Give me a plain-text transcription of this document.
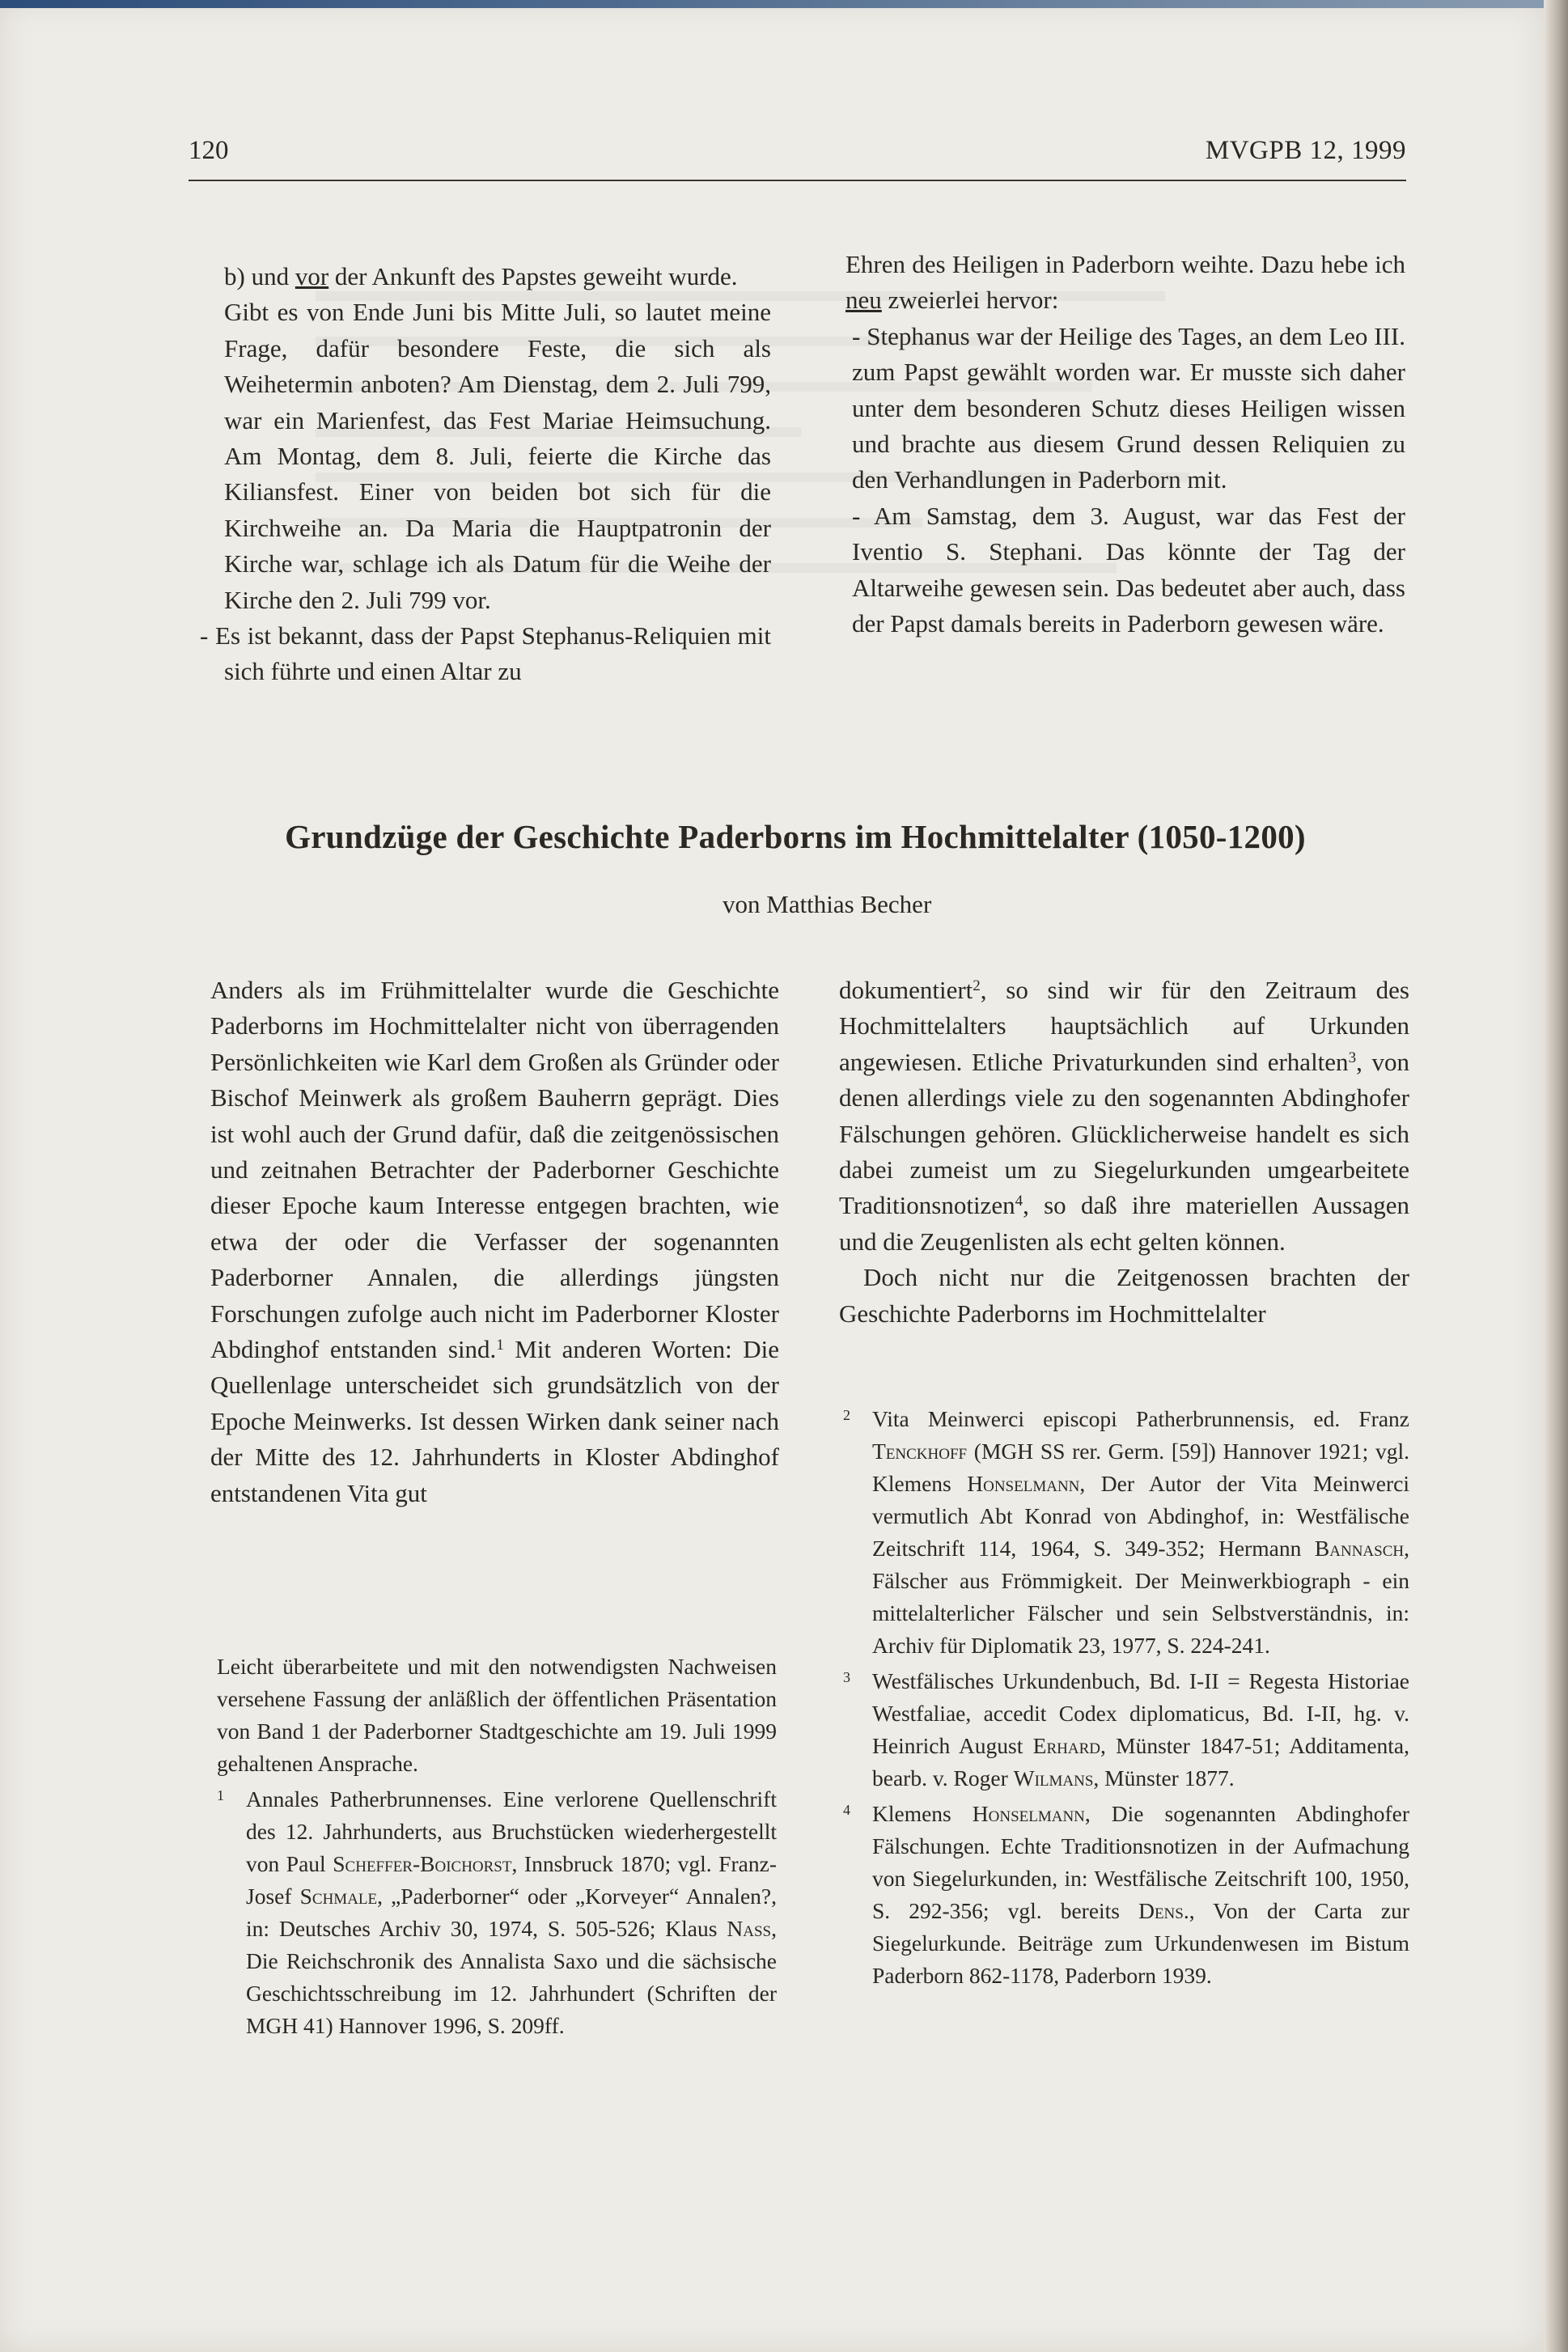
120	MVGPB 12, 1999

b) und vor der Ankunft des Papstes geweiht wurde.

Gibt es von Ende Juni bis Mitte Juli, so lautet meine Frage, dafür besondere Feste, die sich als Weihetermin anboten? Am Dienstag, dem 2. Juli 799, war ein Marienfest, das Fest Mariae Heimsuchung. Am Montag, dem 8. Juli, feierte die Kirche das Kiliansfest. Einer von beiden bot sich für die Kirchweihe an. Da Maria die Hauptpatronin der Kirche war, schlage ich als Datum für die Weihe der Kirche den 2. Juli 799 vor.

- Es ist bekannt, dass der Papst Stephanus-Reliquien mit sich führte und einen Altar zu

Ehren des Heiligen in Paderborn weihte. Dazu hebe ich neu zweierlei hervor:

- Stephanus war der Heilige des Tages, an dem Leo III. zum Papst gewählt worden war. Er musste sich daher unter dem besonderen Schutz dieses Heiligen wissen und brachte aus diesem Grund dessen Reliquien zu den Verhandlungen in Paderborn mit.

- Am Samstag, dem 3. August, war das Fest der Iventio S. Stephani. Das könnte der Tag der Altarweihe gewesen sein. Das bedeutet aber auch, dass der Papst damals bereits in Paderborn gewesen wäre.

Grundzüge der Geschichte Paderborns im Hochmittelalter (1050-1200)
von Matthias Becher

Anders als im Frühmittelalter wurde die Geschichte Paderborns im Hochmittelalter nicht von überragenden Persönlichkeiten wie Karl dem Großen als Gründer oder Bischof Meinwerk als großem Bauherrn geprägt. Dies ist wohl auch der Grund dafür, daß die zeitgenössischen und zeitnahen Betrachter der Paderborner Geschichte dieser Epoche kaum Interesse entgegen brachten, wie etwa der oder die Verfasser der sogenannten Paderborner Annalen, die allerdings jüngsten Forschungen zufolge auch nicht im Paderborner Kloster Abdinghof entstanden sind.$^1$ Mit anderen Worten: Die Quellenlage unterscheidet sich grundsätzlich von der Epoche Meinwerks. Ist dessen Wirken dank seiner nach der Mitte des 12. Jahrhunderts in Kloster Abdinghof entstandenen Vita gut

dokumentiert$^2$, so sind wir für den Zeitraum des Hochmittelalters hauptsächlich auf Urkunden angewiesen. Etliche Privaturkunden sind erhalten$^3$, von denen allerdings viele zu den sogenannten Abdinghofer Fälschungen gehören. Glücklicherweise handelt es sich dabei zumeist um zu Siegelurkunden umgearbeitete Traditionsnotizen$^4$, so daß ihre materiellen Aussagen und die Zeugenlisten als echt gelten können.

Doch nicht nur die Zeitgenossen brachten der Geschichte Paderborns im Hochmittelalter

Leicht überarbeitete und mit den notwendigsten Nachweisen versehene Fassung der anläßlich der öffentlichen Präsentation von Band 1 der Paderborner Stadtgeschichte am 19. Juli 1999 gehaltenen Ansprache.

1 Annales Patherbrunnenses. Eine verlorene Quellenschrift des 12. Jahrhunderts, aus Bruchstücken wiederhergestellt von Paul Scheffer-Boichorst, Innsbruck 1870; vgl. Franz-Josef Schmale, „Paderborner“ oder „Korveyer“ Annalen?, in: Deutsches Archiv 30, 1974, S. 505-526; Klaus Nass, Die Reichschronik des Annalista Saxo und die sächsische Geschichtsschreibung im 12. Jahrhundert (Schriften der MGH 41) Hannover 1996, S. 209ff.

2 Vita Meinwerci episcopi Patherbrunnensis, ed. Franz Tenckhoff (MGH SS rer. Germ. [59]) Hannover 1921; vgl. Klemens Honselmann, Der Autor der Vita Meinwerci vermutlich Abt Konrad von Abdinghof, in: Westfälische Zeitschrift 114, 1964, S. 349-352; Hermann Bannasch, Fälscher aus Frömmigkeit. Der Meinwerkbiograph - ein mittelalterlicher Fälscher und sein Selbstverständnis, in: Archiv für Diplomatik 23, 1977, S. 224-241.

3 Westfälisches Urkundenbuch, Bd. I-II = Regesta Historiae Westfaliae, accedit Codex diplomaticus, Bd. I-II, hg. v. Heinrich August Erhard, Münster 1847-51; Additamenta, bearb. v. Roger Wilmans, Münster 1877.

4 Klemens Honselmann, Die sogenannten Abdinghofer Fälschungen. Echte Traditionsnotizen in der Aufmachung von Siegelurkunden, in: Westfälische Zeitschrift 100, 1950, S. 292-356; vgl. bereits Dens., Von der Carta zur Siegelurkunde. Beiträge zum Urkundenwesen im Bistum Paderborn 862-1178, Paderborn 1939.
